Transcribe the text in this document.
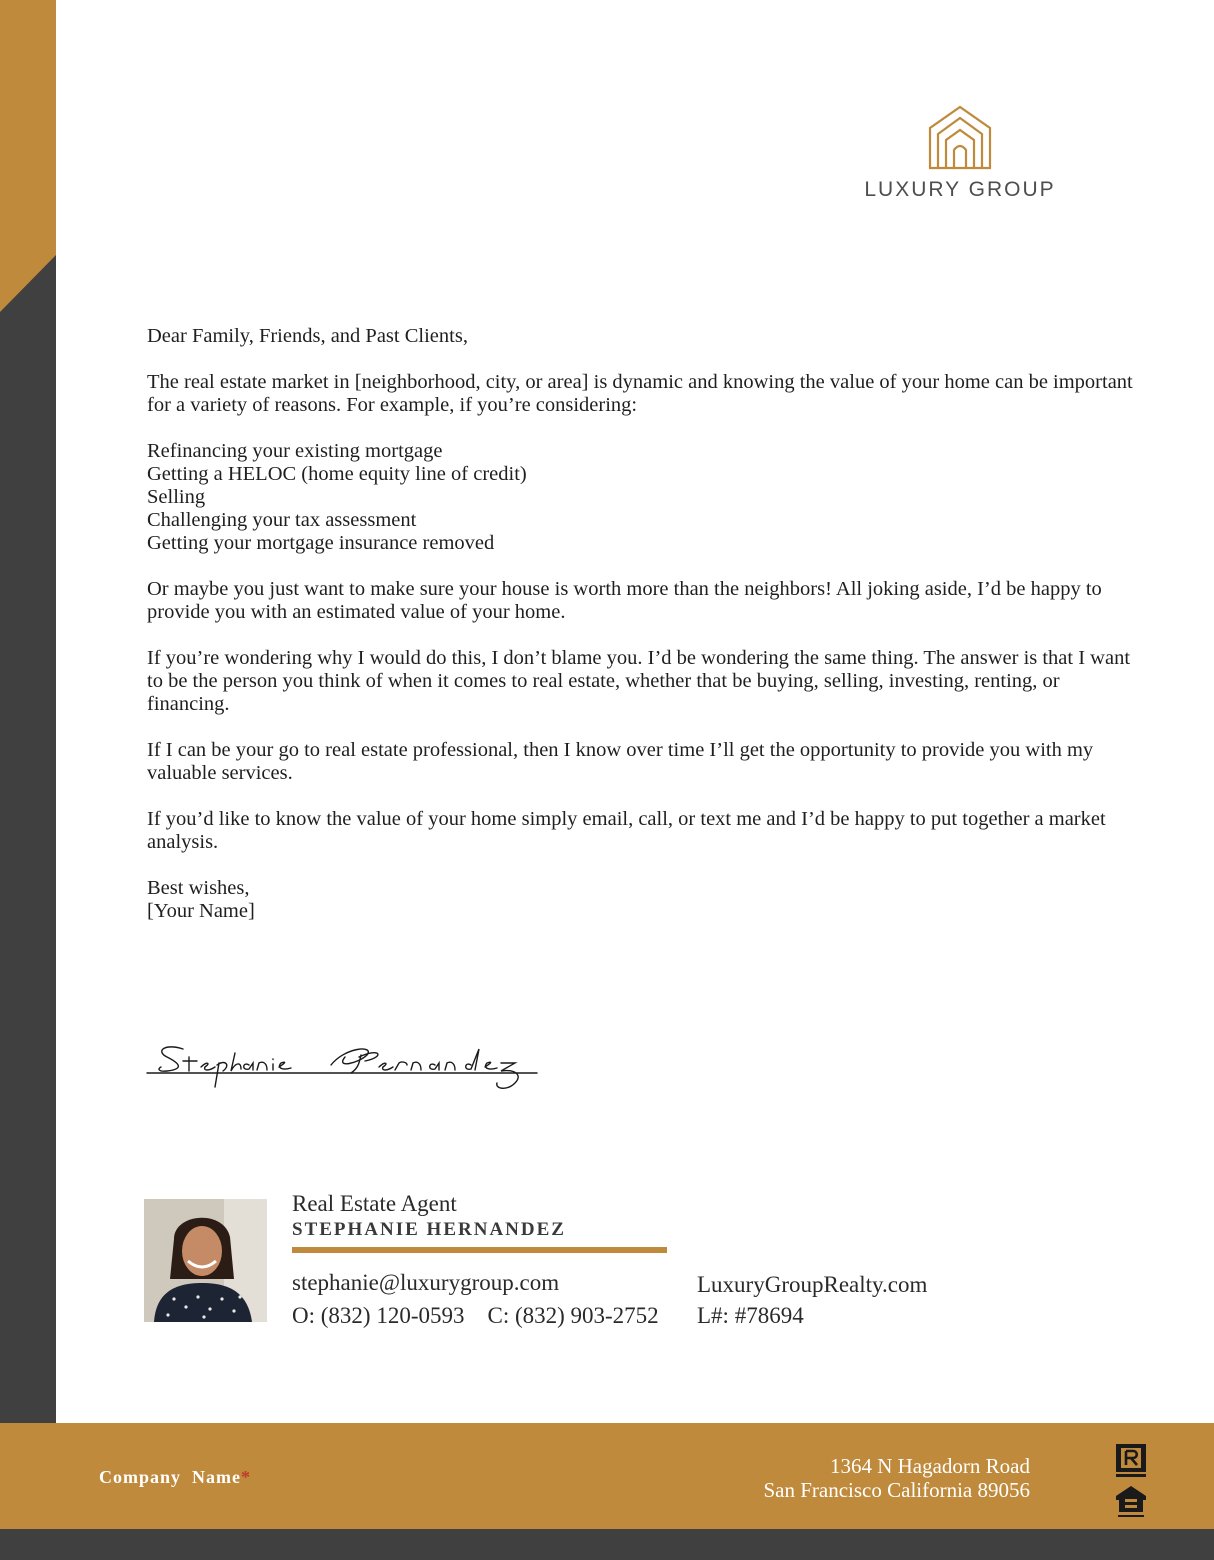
LUXURY GROUP

Dear Family, Friends, and Past Clients,

The real estate market in [neighborhood, city, or area] is dynamic and knowing the value of your home can be important for a variety of reasons. For example, if you’re considering:

Refinancing your existing mortgage
Getting a HELOC (home equity line of credit)
Selling
Challenging your tax assessment
Getting your mortgage insurance removed

Or maybe you just want to make sure your house is worth more than the neighbors! All joking aside, I’d be happy to provide you with an estimated value of your home.

If you’re wondering why I would do this, I don’t blame you. I’d be wondering the same thing. The answer is that I want to be the person you think of when it comes to real estate, whether that be buying, selling, investing, renting, or financing.

If I can be your go to real estate professional, then I know over time I’ll get the opportunity to provide you with my valuable services.

If you’d like to know the value of your home simply email, call, or text me and I’d be happy to put together a market analysis.

Best wishes,
[Your Name]
Real Estate Agent
STEPHANIE HERNANDEZ
stephanie@luxurygroup.com
O: (832) 120-0593    C: (832) 903-2752
LuxuryGroupRealty.com
L#: #78694
Company  Name*	1364 N Hagadorn Road
San Francisco California 89056
